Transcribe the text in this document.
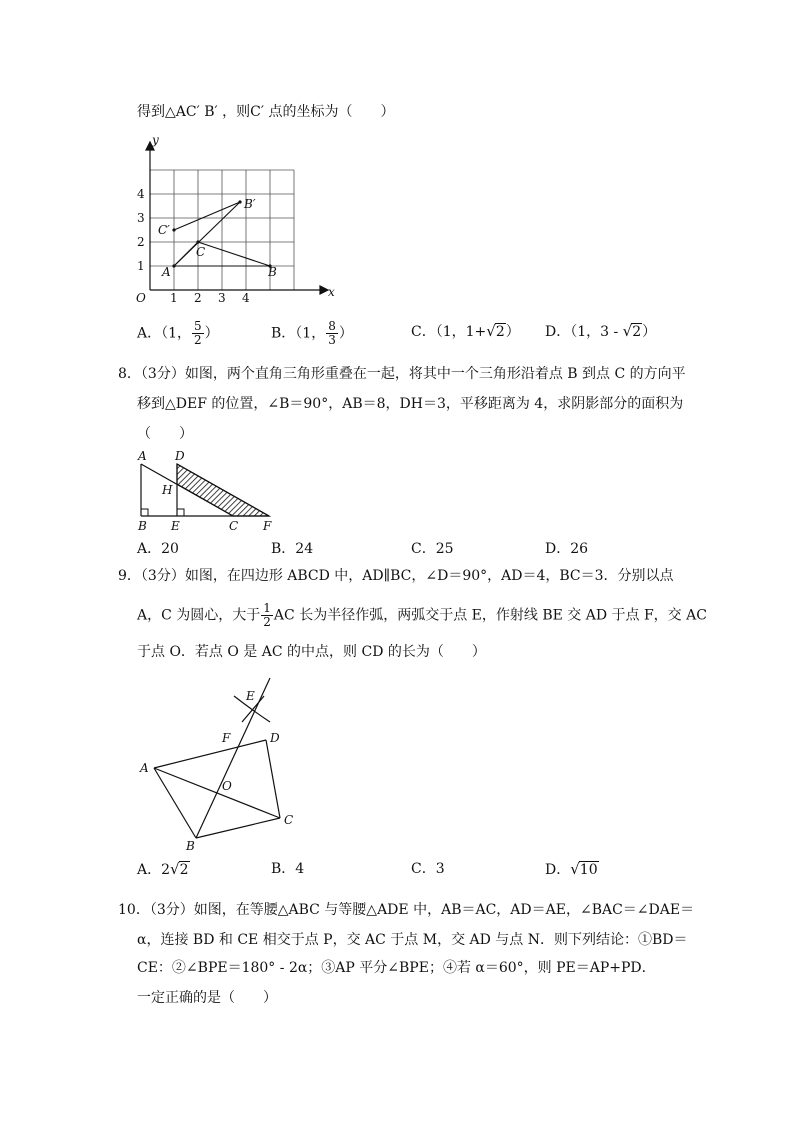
得到△AC′ B′ ，则C′ 点的坐标为（　　）
y
x
O 1 2 3 4
1
2
3
4
A	B
C
C′
B′
A．（1， $\frac{5}{2}$ ）	B．（1， $\frac{8}{3}$ ）	C．（1，1+√2） D．（1，3 - √2）
8．（3分）如图，两个直角三角形重叠在一起，将其中一个三角形沿着点 B 到点 C 的方向平
移到△DEF 的位置，∠B＝90°，AB＝8，DH＝3，平移距离为 4，求阴影部分的面积为
（　　）
A D
H
B E	C F
A．20	B．24	C．25	D．26
9．（3分）如图，在四边形 ABCD 中，AD∥BC，∠D＝90°，AD＝4，BC＝3．分别以点
A，C 为圆心，大于 $\frac{1}{2}$ AC 长为半径作弧，两弧交于点 E，作射线 BE 交 AD 于点 F，交 AC
于点 O．若点 O 是 AC 的中点，则 CD 的长为（　　）
E
F	D
A
O
B
C
A．2√2	B．4	C．3	D．√10
10．（3分）如图，在等腰△ABC 与等腰△ADE 中，AB＝AC，AD＝AE，∠BAC＝∠DAE＝
α，连接 BD 和 CE 相交于点 P，交 AC 于点 M，交 AD 与点 N．则下列结论：①BD＝
CE：②∠BPE＝180° - 2α；③AP 平分∠BPE；④若 α＝60°，则 PE＝AP+PD．
一定正确的是（　　）
